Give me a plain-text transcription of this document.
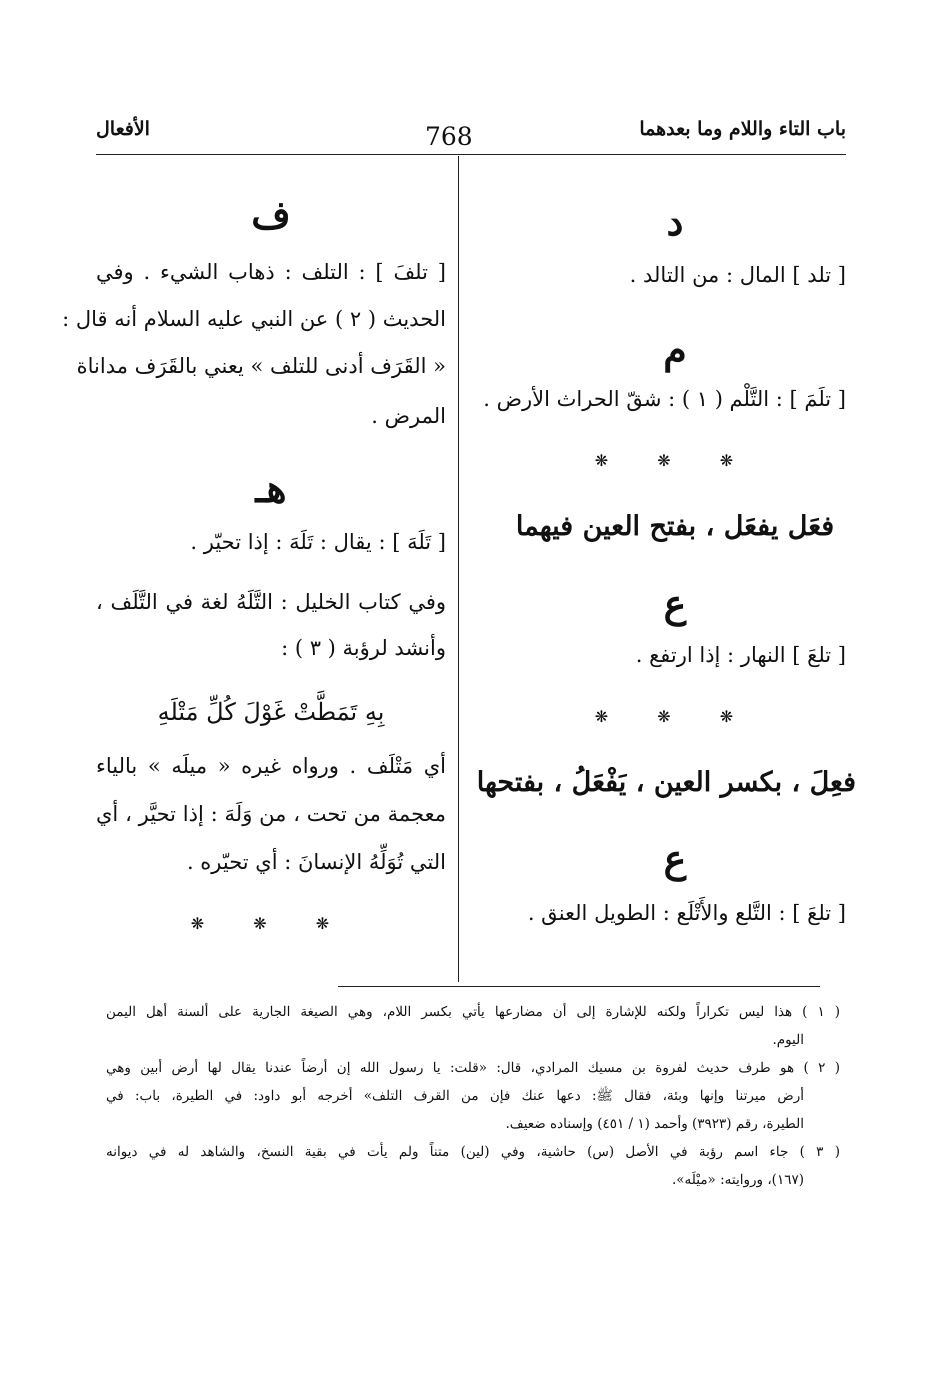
باب التاء واللام وما بعدهما
768
الأفعال
د
[ تلد ] المال : من التالد .
م
[ تلَمَ ] : التَّلْم ( ١ ) : شقّ الحراث الأرض .
❋ ❋ ❋
فعَل يفعَل ، بفتح العين فيهما
ع
[ تلعَ ] النهار : إذا ارتفع .
❋ ❋ ❋
فعِلَ ، بكسر العين ، يَفْعَلُ ، بفتحها
ع
[ تلعَ ] : التَّلع والأَتْلَع : الطويل العنق .
ف
[ تلفَ ] : التلف : ذهاب الشيء . وفي
الحديث ( ٢ ) عن النبي عليه السلام أنه قال :
« القَرَف أدنى للتلف » يعني بالقَرَف مداناة
المرض .
هـ
[ تَلَهَ ] : يقال : تَلَهَ : إذا تحيّر .
وفي كتاب الخليل : التَّلَهُ لغة في التَّلَف ،
وأنشد لرؤبة ( ٣ ) :
بِهِ تَمَطَّتْ غَوْلَ كُلِّ مَتْلَهِ
أي مَتْلَف . ورواه غيره « ميلَه » بالياء
معجمة من تحت ، من وَلَهَ : إذا تحيَّر ، أي
التي تُوَلِّهُ الإنسانَ : أي تحيّره .
❋ ❋ ❋

( ١ ) هذا ليس تكراراً ولكنه للإشارة إلى أن مضارعها يأتي بكسر اللام، وهي الصيغة الجارية على ألسنة أهل اليمن

اليوم.

( ٢ ) هو طرف حديث لفروة بن مسيك المرادي، قال: «قلت: يا رسول الله إن أرضاً عندنا يقال لها أرض أبين وهي

أرض ميرتنا وإنها وبئة، فقال ﷺ: دعها عنك فإن من القرف التلف» أخرجه أبو داود: في الطيرة، باب: في

الطيرة، رقم (٣٩٢٣) وأحمد (١ / ٤٥١) وإسناده ضعيف.

( ٣ ) جاء اسم رؤبة في الأصل (س) حاشية، وفي (لين) متناً ولم يأت في بقية النسخ، والشاهد له في ديوانه

(١٦٧)، وروايته: «ميْلَه».
